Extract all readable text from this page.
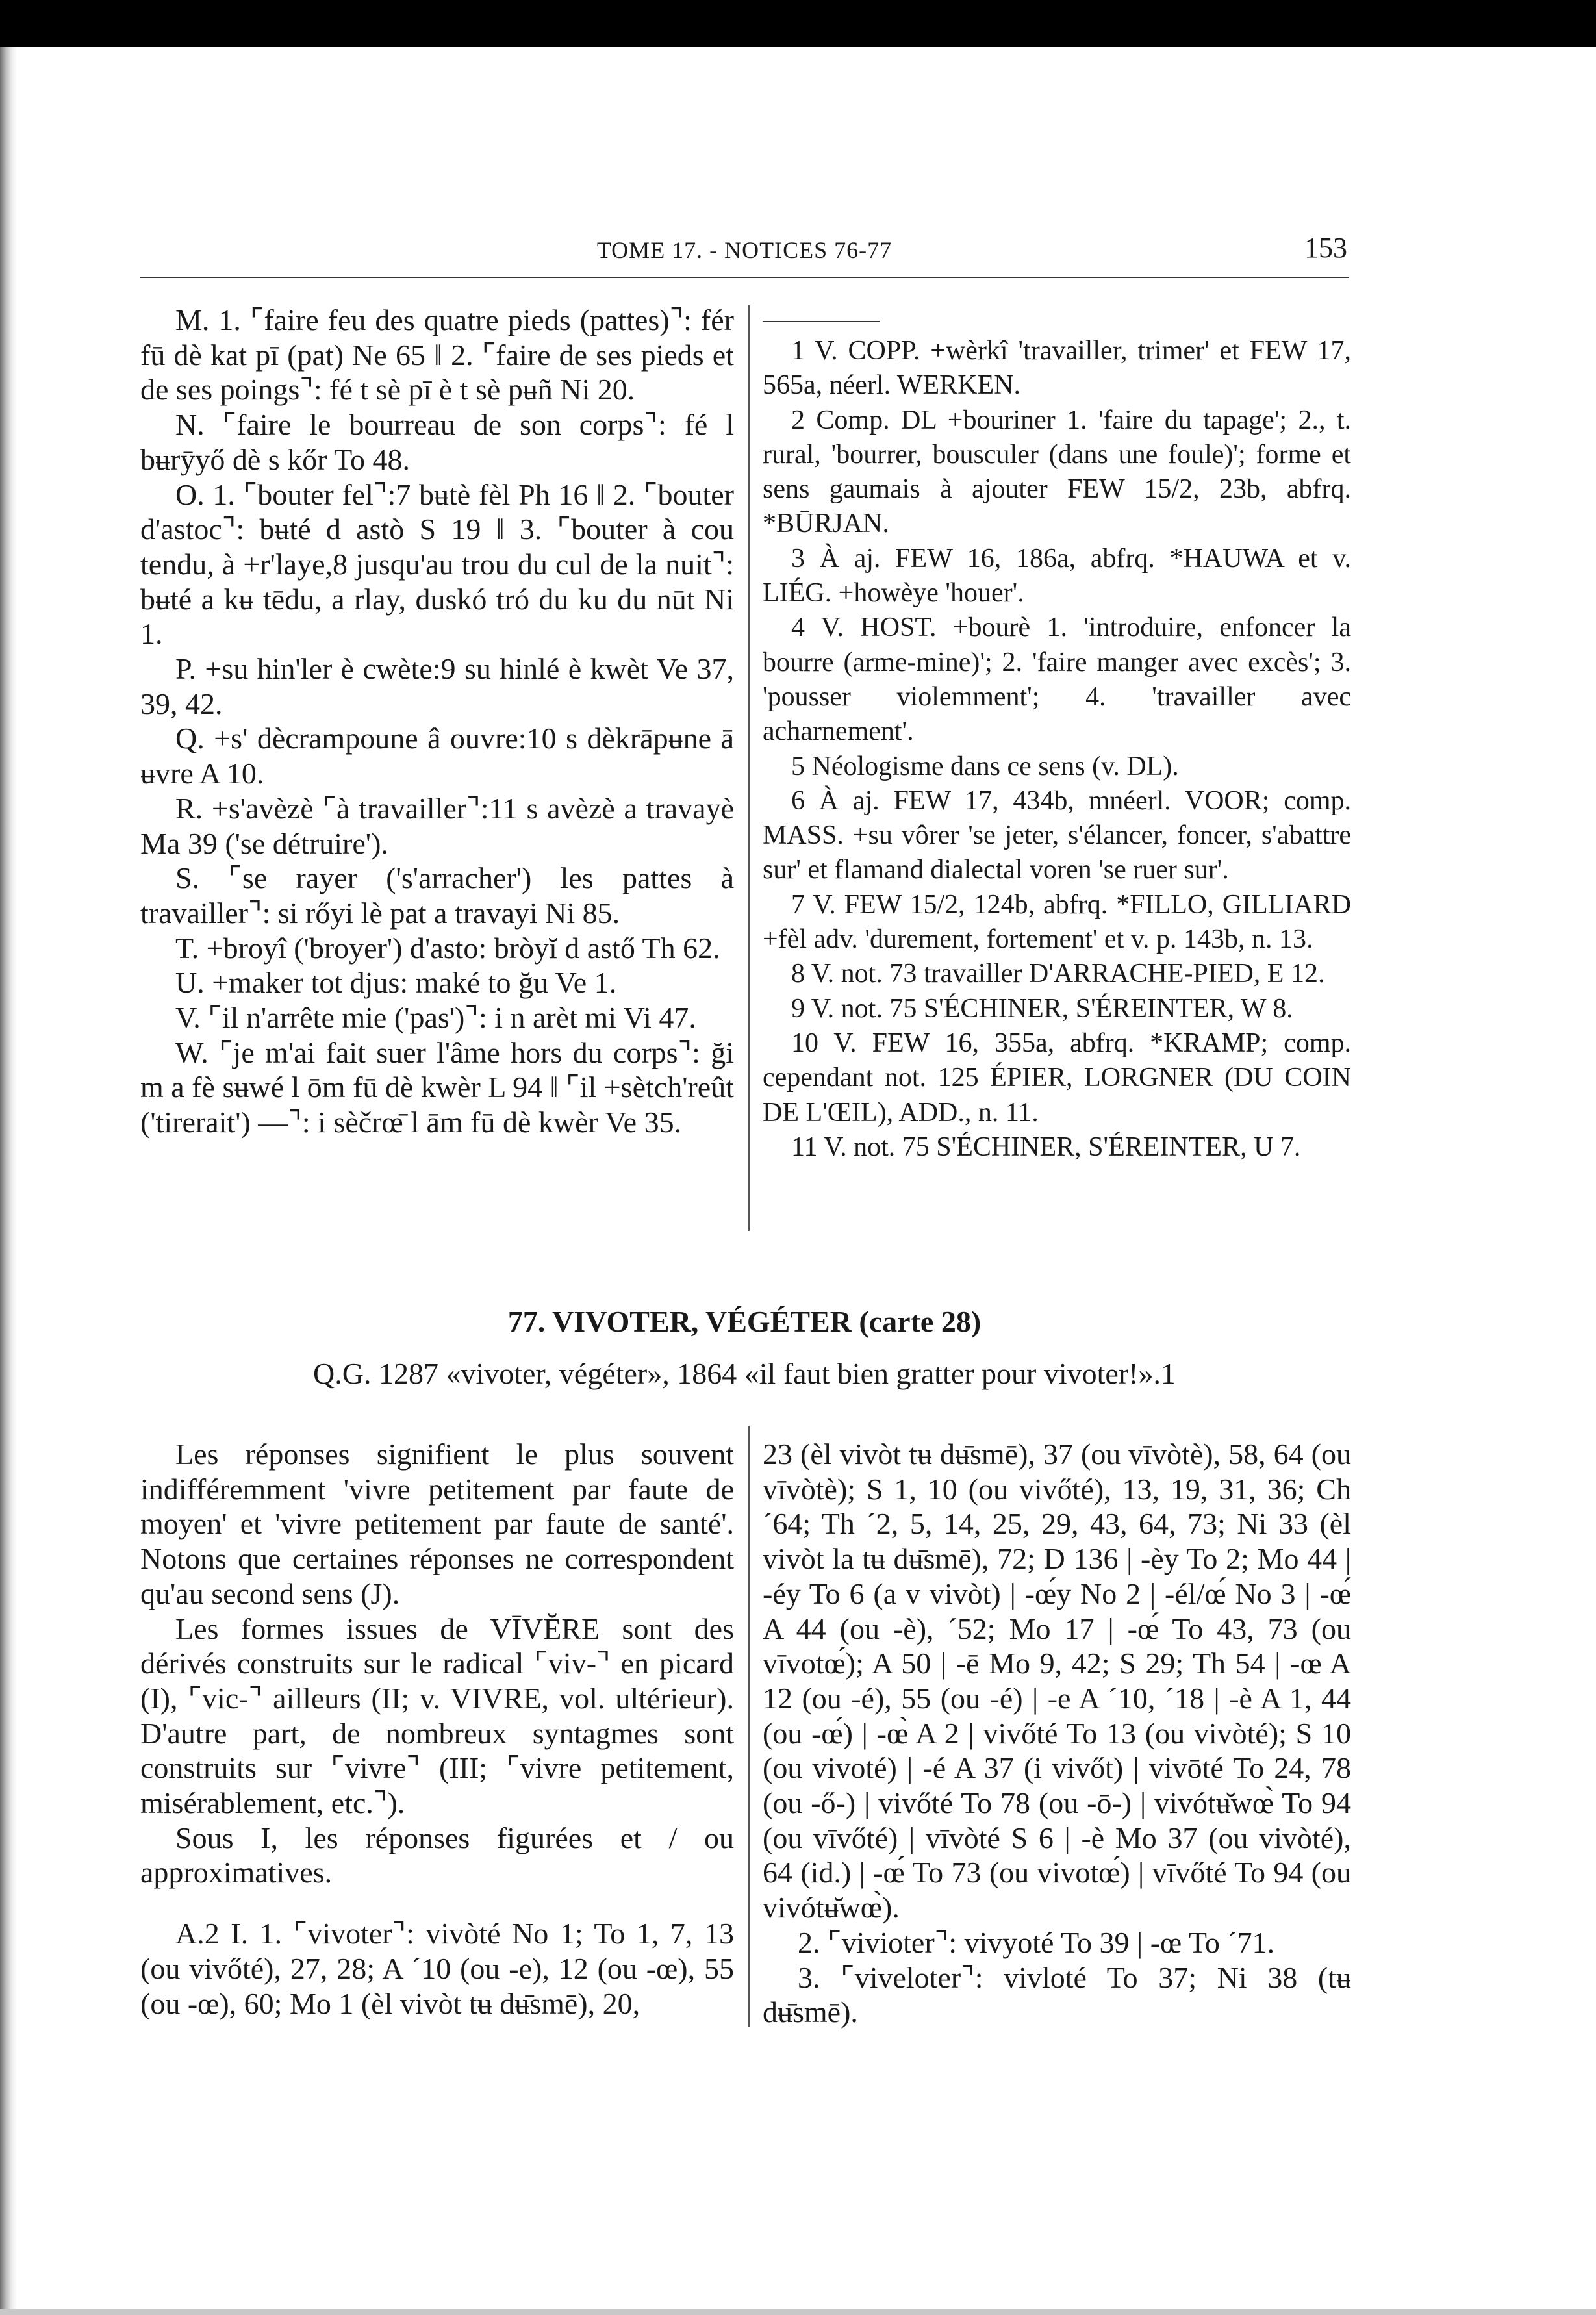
TOME 17. - NOTICES 76-77	153

M. 1. ⌜faire feu des quatre pieds (pattes)⌝: fér fū dè kat pī (pat) Ne 65 ‖ 2. ⌜faire de ses pieds et de ses poings⌝: fé t sè pī è t sè pʉñ Ni 20.

N. ⌜faire le bourreau de son corps⌝: fé l bʉrȳyő dè s kőr To 48.

O. 1. ⌜bouter fel⌝:7 bʉtè fèl Ph 16 ‖ 2. ⌜bouter d'astoc⌝: bʉté d astò S 19 ‖ 3. ⌜bouter à cou tendu, à +r'laye,8 jusqu'au trou du cul de la nuit⌝: bʉté a kʉ tēdu, a rlay, duskó tró du ku du nūt Ni 1.

P. +su hin'ler è cwète:9 su hinlé è kwèt Ve 37, 39, 42.

Q. +s' dècrampoune â ouvre:10 s dèkrāpʉne ā ʉvre A 10.

R. +s'avèzè ⌜à travailler⌝:11 s avèzè a travayè Ma 39 ('se détruire').

S. ⌜se rayer ('s'arracher') les pattes à travailler⌝: si rőyi lè pat a travayi Ni 85.

T. +broyî ('broyer') d'asto: bròyĭ d astő Th 62.

U. +maker tot djus: maké to ğu Ve 1.

V. ⌜il n'arrête mie ('pas')⌝: i n arèt mi Vi 47.

W. ⌜je m'ai fait suer l'âme hors du corps⌝: ği m a fè sʉwé l ōm fū dè kwèr L 94 ‖ ⌜il +sètch'reût ('tirerait') —⌝: i sèčrœ̄ l ām fū dè kwèr Ve 35.

1 V. COPP. +wèrkî 'travailler, trimer' et FEW 17, 565a, néerl. WERKEN.

2 Comp. DL +bouriner 1. 'faire du tapage'; 2., t. rural, 'bourrer, bousculer (dans une foule)'; forme et sens gaumais à ajouter FEW 15/2, 23b, abfrq. *BŪRJAN.

3 À aj. FEW 16, 186a, abfrq. *HAUWA et v. LIÉG. +howèye 'houer'.

4 V. HOST. +bourè 1. 'introduire, enfoncer la bourre (arme-mine)'; 2. 'faire manger avec excès'; 3. 'pousser violemment'; 4. 'travailler avec acharnement'.

5 Néologisme dans ce sens (v. DL).

6 À aj. FEW 17, 434b, mnéerl. VOOR; comp. MASS. +su vôrer 'se jeter, s'élancer, foncer, s'abattre sur' et flamand dialectal voren 'se ruer sur'.

7 V. FEW 15/2, 124b, abfrq. *FILLO, GILLIARD +fèl adv. 'durement, fortement' et v. p. 143b, n. 13.

8 V. not. 73 travailler D'ARRACHE-PIED, E 12.

9 V. not. 75 S'ÉCHINER, S'ÉREINTER, W 8.

10 V. FEW 16, 355a, abfrq. *KRAMP; comp. cependant not. 125 ÉPIER, LORGNER (DU COIN DE L'ŒIL), ADD., n. 11.

11 V. not. 75 S'ÉCHINER, S'ÉREINTER, U 7.

77. VIVOTER, VÉGÉTER (carte 28)
Q.G. 1287 «vivoter, végéter», 1864 «il faut bien gratter pour vivoter!».1

Les réponses signifient le plus souvent indifféremment 'vivre petitement par faute de moyen' et 'vivre petitement par faute de santé'. Notons que certaines réponses ne correspondent qu'au second sens (J).

Les formes issues de VĪVĔRE sont des dérivés construits sur le radical ⌜viv-⌝ en picard (I), ⌜vic-⌝ ailleurs (II; v. VIVRE, vol. ultérieur). D'autre part, de nombreux syntagmes sont construits sur ⌜vivre⌝ (III; ⌜vivre petitement, misérablement, etc.⌝).

Sous I, les réponses figurées et / ou approximatives.

A.2 I. 1. ⌜vivoter⌝: vivòté No 1; To 1, 7, 13 (ou vivőté), 27, 28; A ´10 (ou -e), 12 (ou -œ), 55 (ou -œ), 60; Mo 1 (èl vivòt tʉ dʉ̄smē), 20,

23 (èl vivòt tʉ dʉ̄smē), 37 (ou vīvòtè), 58, 64 (ou vīvòtè); S 1, 10 (ou vivőté), 13, 19, 31, 36; Ch ´64; Th ´2, 5, 14, 25, 29, 43, 64, 73; Ni 33 (èl vivòt la tʉ dʉ̄smē), 72; D 136 | -èy To 2; Mo 44 | -éy To 6 (a v vivòt) | -œ́y No 2 | -él/œ́ No 3 | -œ́ A 44 (ou -è), ´52; Mo 17 | -œ́ To 43, 73 (ou vīvotœ́); A 50 | -ē Mo 9, 42; S 29; Th 54 | -œ A 12 (ou -é), 55 (ou -é) | -e A ´10, ´18 | -è A 1, 44 (ou -œ́) | -œ̀ A 2 | vivőté To 13 (ou vivòté); S 10 (ou vivoté) | -é A 37 (i vivőt) | vivōté To 24, 78 (ou -ő-) | vivőté To 78 (ou -ō-) | vivótʉ̆wœ̀ To 94 (ou vīvőté) | vīvòté S 6 | -è Mo 37 (ou vivòté), 64 (id.) | -œ́ To 73 (ou vivotœ́) | vīvőté To 94 (ou vivótʉ̆wœ̀).

2. ⌜vivioter⌝: vivyoté To 39 | -œ To ´71.

3. ⌜viveloter⌝: vivloté To 37; Ni 38 (tʉ dʉ̄smē).
